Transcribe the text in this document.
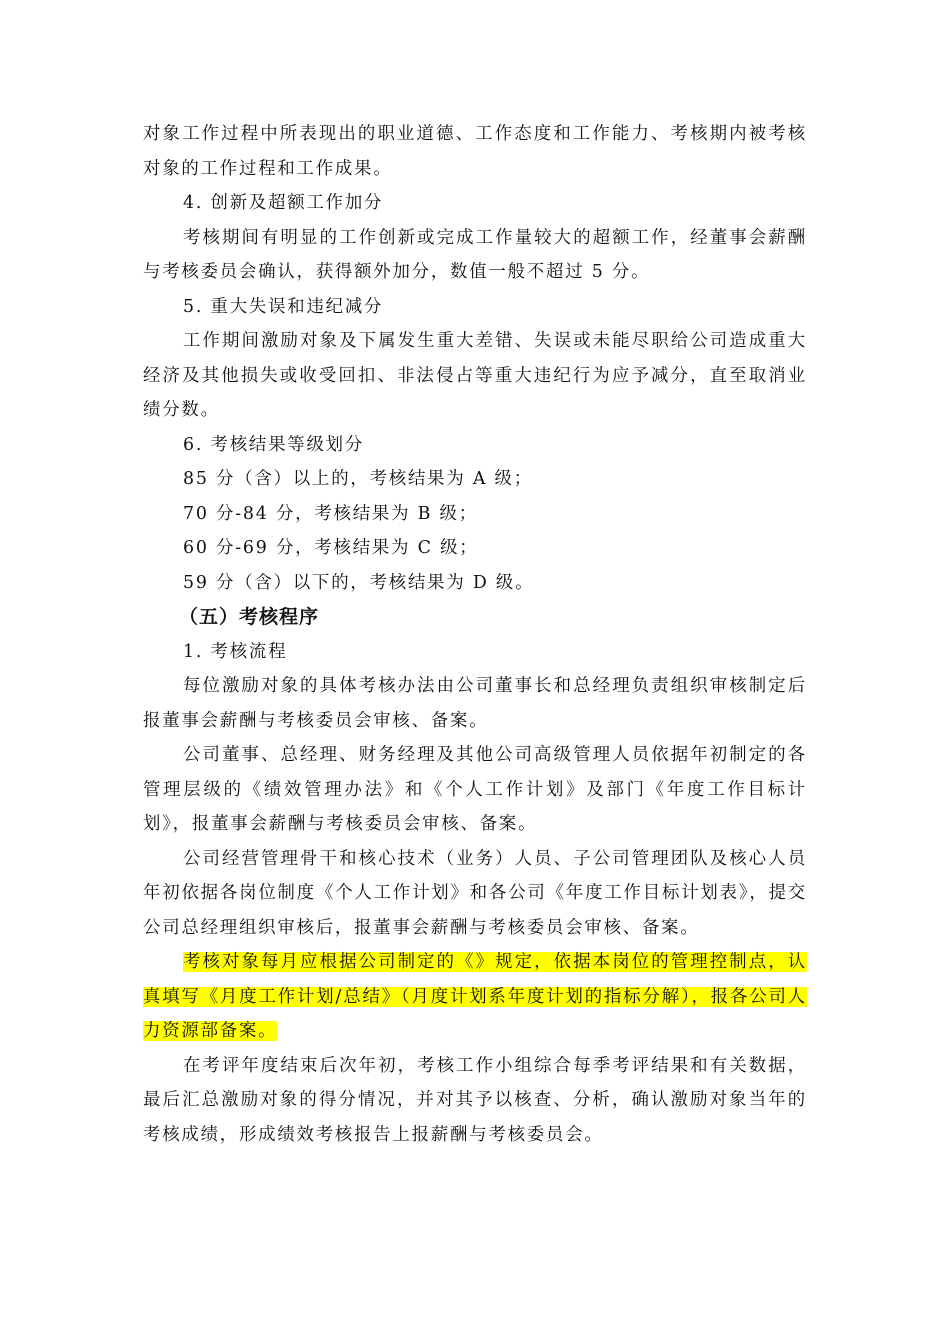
对象工作过程中所表现出的职业道德、工作态度和工作能力、考核期内被考核对象的工作过程和工作成果。

4. 创新及超额工作加分

考核期间有明显的工作创新或完成工作量较大的超额工作，经董事会薪酬与考核委员会确认，获得额外加分，数值一般不超过 5 分。

5. 重大失误和违纪减分

工作期间激励对象及下属发生重大差错、失误或未能尽职给公司造成重大经济及其他损失或收受回扣、非法侵占等重大违纪行为应予减分，直至取消业绩分数。

6. 考核结果等级划分

85 分（含）以上的，考核结果为 A 级；

70 分-84 分，考核结果为 B 级；

60 分-69 分，考核结果为 C 级；

59 分（含）以下的，考核结果为 D 级。

（五）考核程序

1. 考核流程

每位激励对象的具体考核办法由公司董事长和总经理负责组织审核制定后报董事会薪酬与考核委员会审核、备案。

公司董事、总经理、财务经理及其他公司高级管理人员依据年初制定的各管理层级的《绩效管理办法》和《个人工作计划》及部门《年度工作目标计划》，报董事会薪酬与考核委员会审核、备案。

公司经营管理骨干和核心技术（业务）人员、子公司管理团队及核心人员年初依据各岗位制度《个人工作计划》和各公司《年度工作目标计划表》，提交公司总经理组织审核后，报董事会薪酬与考核委员会审核、备案。

考核对象每月应根据公司制定的《》规定，依据本岗位的管理控制点，认真填写《月度工作计划/总结》（月度计划系年度计划的指标分解），报各公司人力资源部备案。

在考评年度结束后次年初，考核工作小组综合每季考评结果和有关数据，最后汇总激励对象的得分情况，并对其予以核查、分析，确认激励对象当年的考核成绩，形成绩效考核报告上报薪酬与考核委员会。
